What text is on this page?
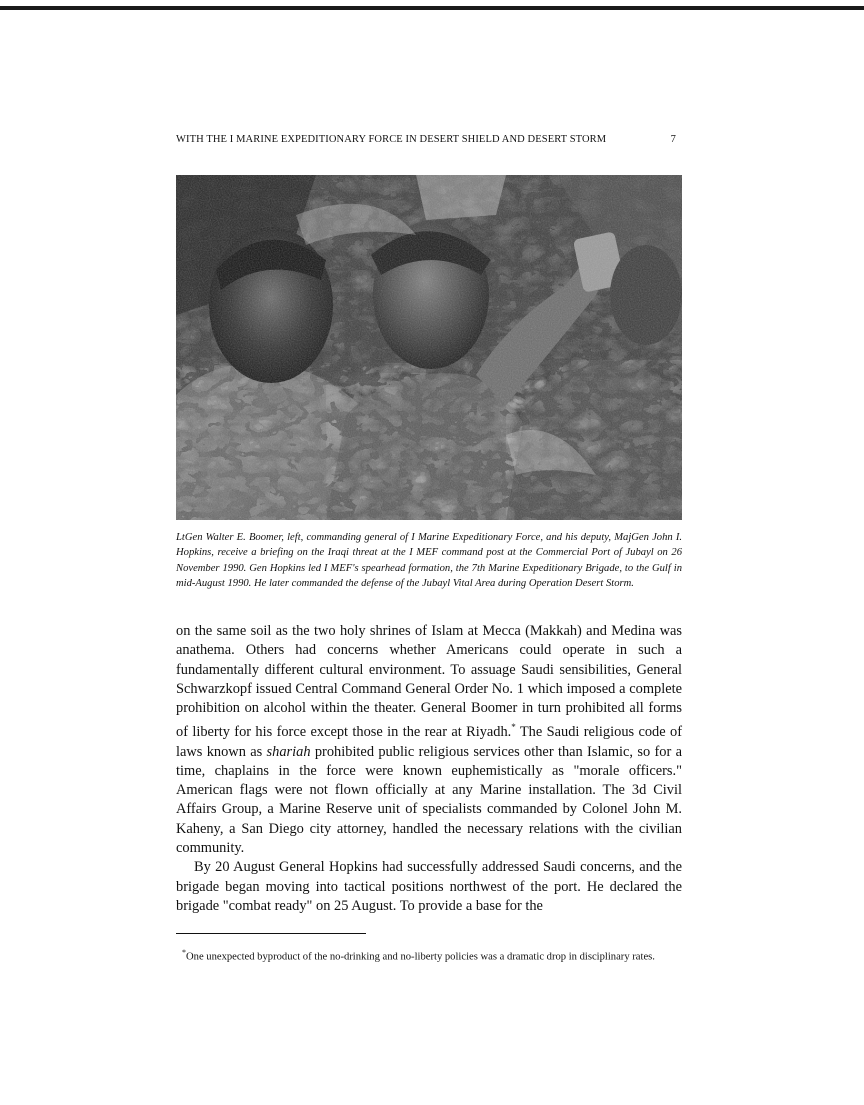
WITH THE I MARINE EXPEDITIONARY FORCE IN DESERT SHIELD AND DESERT STORM	7

LtGen Walter E. Boomer, left, commanding general of I Marine Expeditionary Force, and his deputy, MajGen John I. Hopkins, receive a briefing on the Iraqi threat at the I MEF command post at the Commercial Port of Jubayl on 26 November 1990. Gen Hopkins led I MEF's spearhead formation, the 7th Marine Expeditionary Brigade, to the Gulf in mid-August 1990. He later commanded the defense of the Jubayl Vital Area during Operation Desert Storm.

on the same soil as the two holy shrines of Islam at Mecca (Makkah) and Medina was anathema. Others had concerns whether Americans could operate in such a fundamentally different cultural environment. To assuage Saudi sensibilities, General Schwarzkopf issued Central Command General Order No. 1 which imposed a complete prohibition on alcohol within the theater. General Boomer in turn prohibited all forms of liberty for his force except those in the rear at Riyadh.* The Saudi religious code of laws known as shariah prohibited public religious services other than Islamic, so for a time, chaplains in the force were known euphemistically as "morale officers." American flags were not flown officially at any Marine installation. The 3d Civil Affairs Group, a Marine Reserve unit of specialists commanded by Colonel John M. Kaheny, a San Diego city attorney, handled the necessary relations with the civilian community.

By 20 August General Hopkins had successfully addressed Saudi concerns, and the brigade began moving into tactical positions northwest of the port. He declared the brigade "combat ready" on 25 August. To provide a base for the

*One unexpected byproduct of the no-drinking and no-liberty policies was a dramatic drop in disciplinary rates.
